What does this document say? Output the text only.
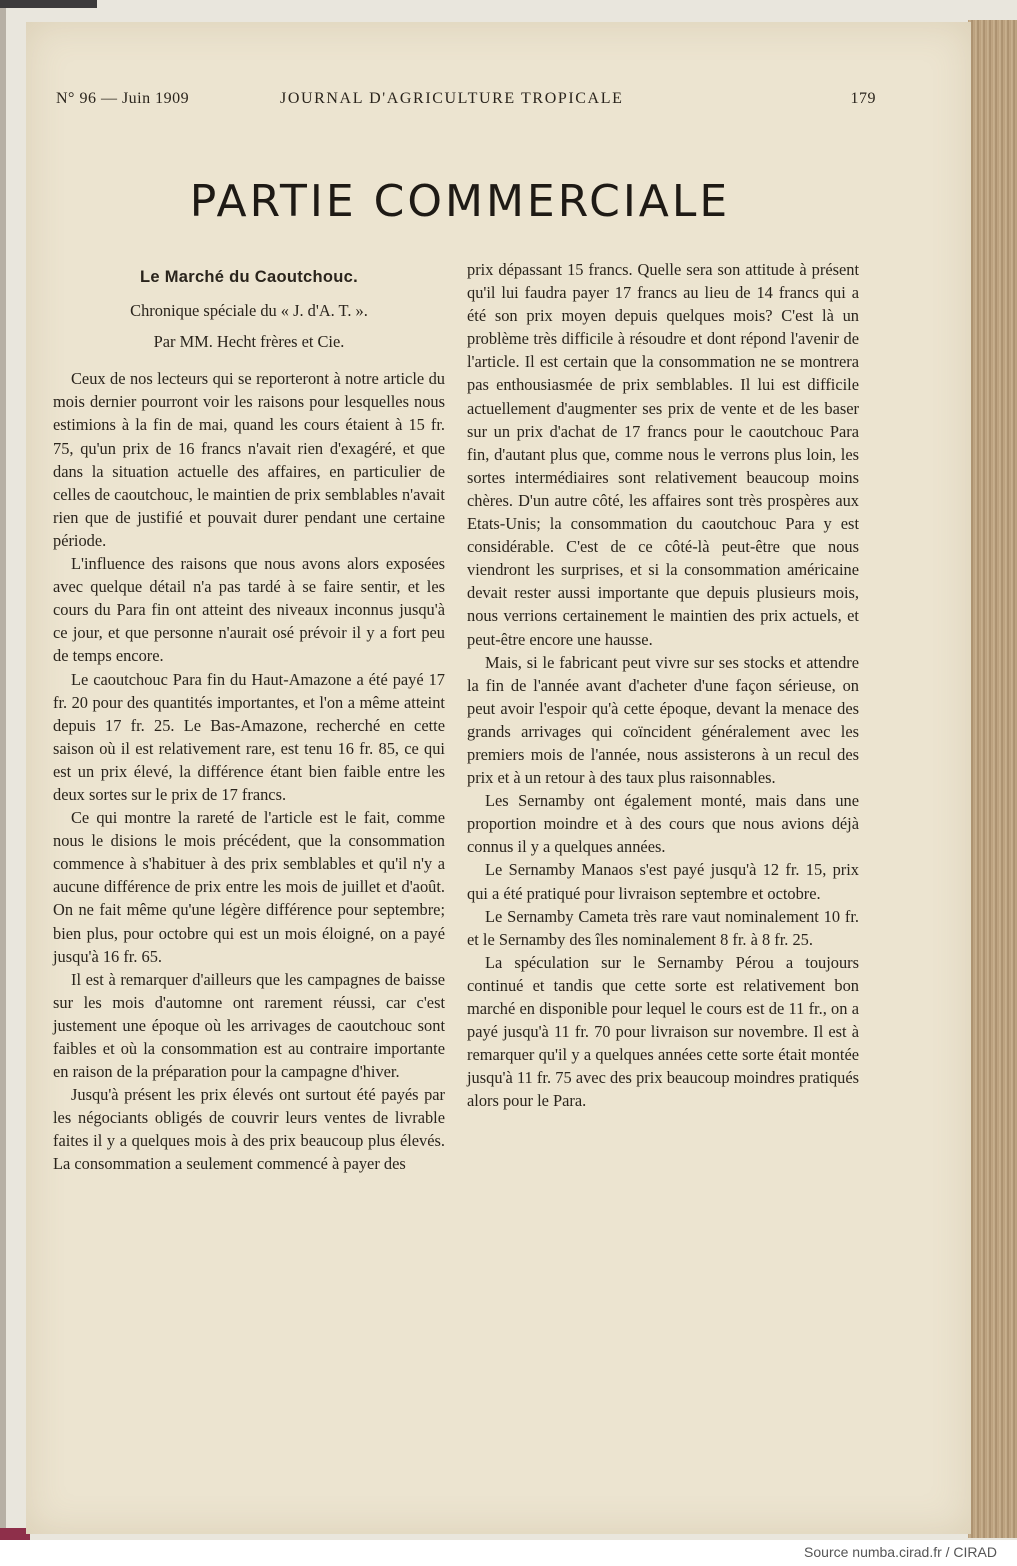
N° 96 — Juin 1909	JOURNAL D'AGRICULTURE TROPICALE	179
PARTIE COMMERCIALE
Le Marché du Caoutchouc.
Chronique spéciale du « J. d'A. T. ».
Par MM. Hecht frères et Cie.

Ceux de nos lecteurs qui se reporteront à notre article du mois dernier pourront voir les raisons pour lesquelles nous estimions à la fin de mai, quand les cours étaient à 15 fr. 75, qu'un prix de 16 francs n'avait rien d'exagéré, et que dans la situation actuelle des affaires, en particulier de celles de caoutchouc, le maintien de prix semblables n'avait rien que de justifié et pouvait durer pendant une certaine période.

L'influence des raisons que nous avons alors exposées avec quelque détail n'a pas tardé à se faire sentir, et les cours du Para fin ont atteint des niveaux inconnus jusqu'à ce jour, et que personne n'aurait osé prévoir il y a fort peu de temps encore.

Le caoutchouc Para fin du Haut-Amazone a été payé 17 fr. 20 pour des quantités importantes, et l'on a même atteint depuis 17 fr. 25. Le Bas-Amazone, recherché en cette saison où il est relativement rare, est tenu 16 fr. 85, ce qui est un prix élevé, la différence étant bien faible entre les deux sortes sur le prix de 17 francs.

Ce qui montre la rareté de l'article est le fait, comme nous le disions le mois précédent, que la consommation commence à s'habituer à des prix semblables et qu'il n'y a aucune différence de prix entre les mois de juillet et d'août. On ne fait même qu'une légère différence pour septembre; bien plus, pour octobre qui est un mois éloigné, on a payé jusqu'à 16 fr. 65.

Il est à remarquer d'ailleurs que les campagnes de baisse sur les mois d'automne ont rarement réussi, car c'est justement une époque où les arrivages de caoutchouc sont faibles et où la consommation est au contraire importante en raison de la préparation pour la campagne d'hiver.

Jusqu'à présent les prix élevés ont surtout été payés par les négociants obligés de couvrir leurs ventes de livrable faites il y a quelques mois à des prix beaucoup plus élevés. La consommation a seulement commencé à payer des

prix dépassant 15 francs. Quelle sera son attitude à présent qu'il lui faudra payer 17 francs au lieu de 14 francs qui a été son prix moyen depuis quelques mois? C'est là un problème très difficile à résoudre et dont répond l'avenir de l'article. Il est certain que la consommation ne se montrera pas enthousiasmée de prix semblables. Il lui est difficile actuellement d'augmenter ses prix de vente et de les baser sur un prix d'achat de 17 francs pour le caoutchouc Para fin, d'autant plus que, comme nous le verrons plus loin, les sortes intermédiaires sont relativement beaucoup moins chères. D'un autre côté, les affaires sont très prospères aux Etats-Unis; la consommation du caoutchouc Para y est considérable. C'est de ce côté-là peut-être que nous viendront les surprises, et si la consommation américaine devait rester aussi importante que depuis plusieurs mois, nous verrions certainement le maintien des prix actuels, et peut-être encore une hausse.

Mais, si le fabricant peut vivre sur ses stocks et attendre la fin de l'année avant d'acheter d'une façon sérieuse, on peut avoir l'espoir qu'à cette époque, devant la menace des grands arrivages qui coïncident généralement avec les premiers mois de l'année, nous assisterons à un recul des prix et à un retour à des taux plus raisonnables.

Les Sernamby ont également monté, mais dans une proportion moindre et à des cours que nous avions déjà connus il y a quelques années.

Le Sernamby Manaos s'est payé jusqu'à 12 fr. 15, prix qui a été pratiqué pour livraison septembre et octobre.

Le Sernamby Cameta très rare vaut nominalement 10 fr. et le Sernamby des îles nominalement 8 fr. à 8 fr. 25.

La spéculation sur le Sernamby Pérou a toujours continué et tandis que cette sorte est relativement bon marché en disponible pour lequel le cours est de 11 fr., on a payé jusqu'à 11 fr. 70 pour livraison sur novembre. Il est à remarquer qu'il y a quelques années cette sorte était montée jusqu'à 11 fr. 75 avec des prix beaucoup moindres pratiqués alors pour le Para.

Source numba.cirad.fr / CIRAD
